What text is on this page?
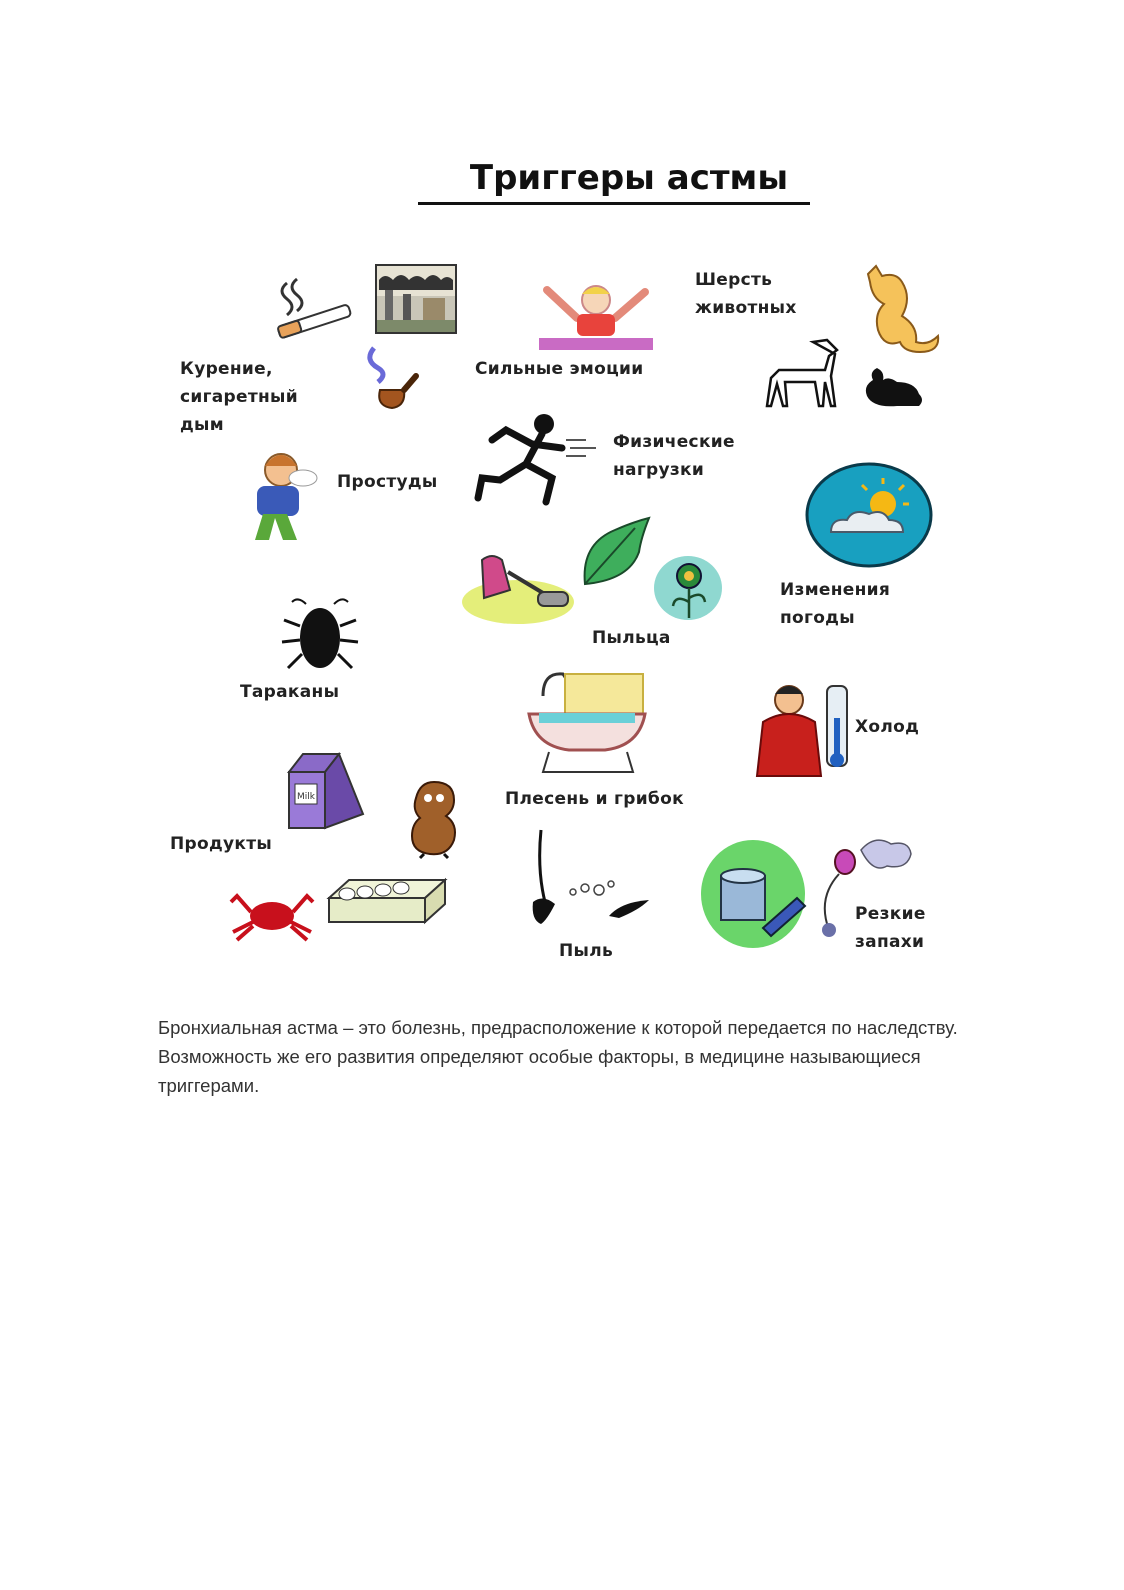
Триггеры астмы

Курение,
сигаретный
дым

Сильные эмоции

Шерсть
животных

Простуды

Физические
нагрузки

Изменения
погоды

Пыльца

Тараканы

Плесень и грибок

Холод

Milk

Продукты

Пыль

Резкие
запахи

Бронхиальная астма – это болезнь, предрасположение к которой передается по наследству. Возможность же его развития определяют особые факторы, в медицине называющиеся триггерами.
